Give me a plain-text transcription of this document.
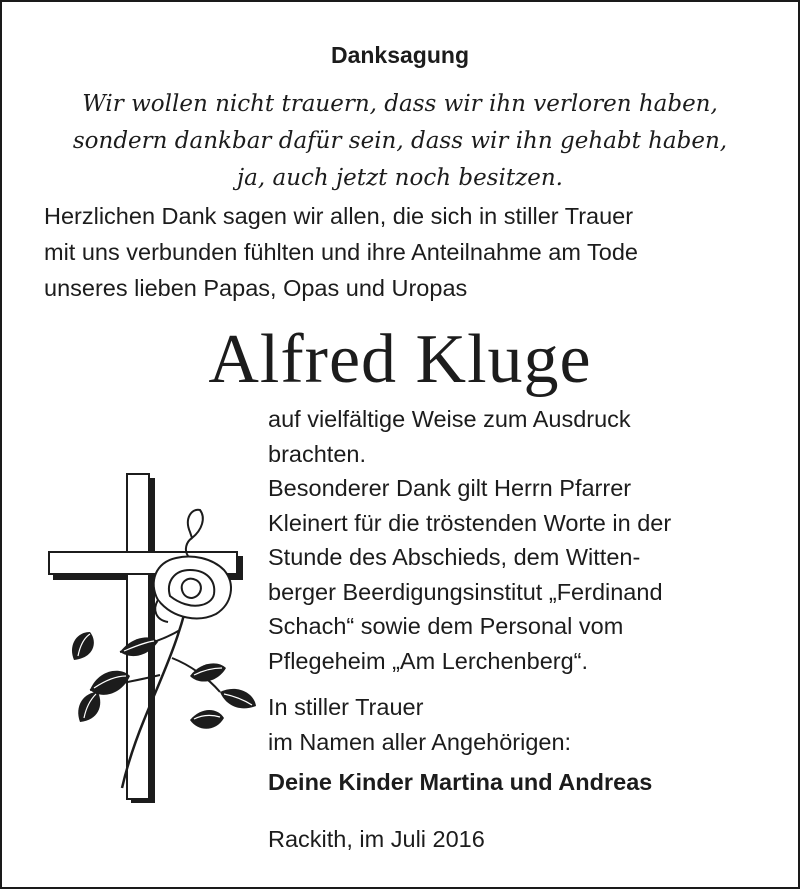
Danksagung
Wir wollen nicht trauern, dass wir ihn verloren haben,
sondern dankbar dafür sein, dass wir ihn gehabt haben,
ja, auch jetzt noch besitzen.
Herzlichen Dank sagen wir allen, die sich in stiller Trauer
mit uns verbunden fühlten und ihre Anteilnahme am Tode
unseres lieben Papas, Opas und Uropas
Alfred Kluge
auf vielfältige Weise zum Ausdruck
brachten.
Besonderer Dank gilt Herrn Pfarrer
Kleinert für die tröstenden Worte in der
Stunde des Abschieds, dem Witten-
berger Beerdigungsinstitut „Ferdinand
Schach“ sowie dem Personal vom
Pflegeheim „Am Lerchenberg“.
In stiller Trauer
im Namen aller Angehörigen:
Deine Kinder Martina und Andreas
Rackith, im Juli 2016
